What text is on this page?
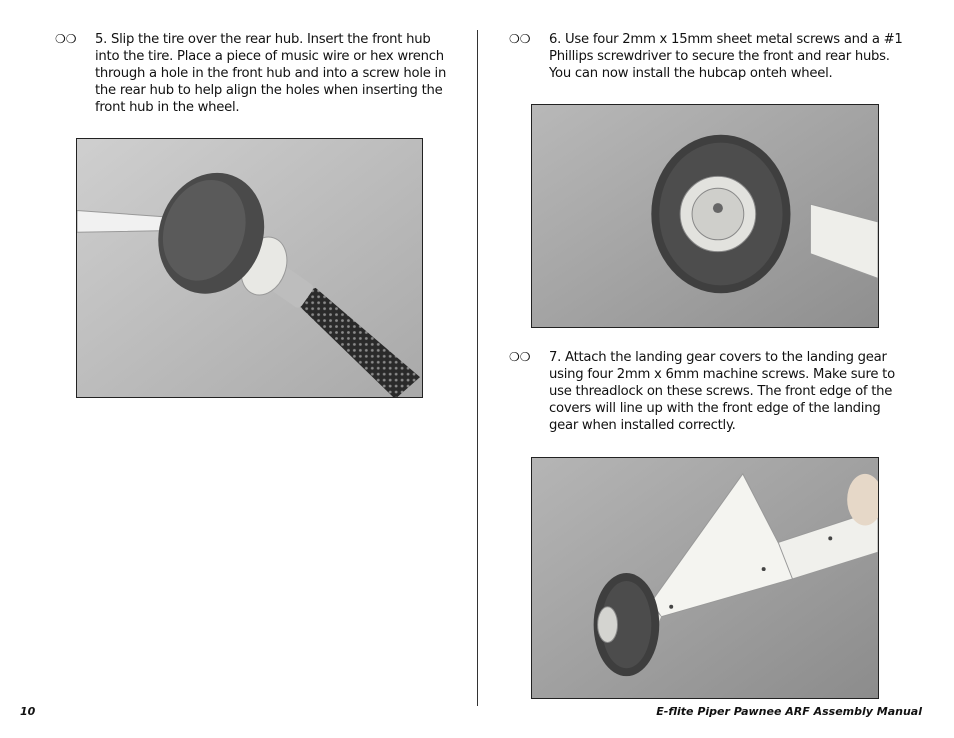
❍❍ 5. Slip the tire over the rear hub. Insert the front hub into the tire. Place a piece of music wire or hex wrench through a hole in the front hub and into a screw hole in the rear hub to help align the holes when inserting the front hub in the wheel.
❍❍ 6. Use four 2mm x 15mm sheet metal screws and a #1 Phillips screwdriver to secure the front and rear hubs. You can now install the hubcap onteh wheel.
❍❍ 7. Attach the landing gear covers to the landing gear using four 2mm x 6mm machine screws. Make sure to use threadlock on these screws. The front edge of the covers will line up with the front edge of the landing gear when installed correctly.
10	E-flite Piper Pawnee ARF Assembly Manual
